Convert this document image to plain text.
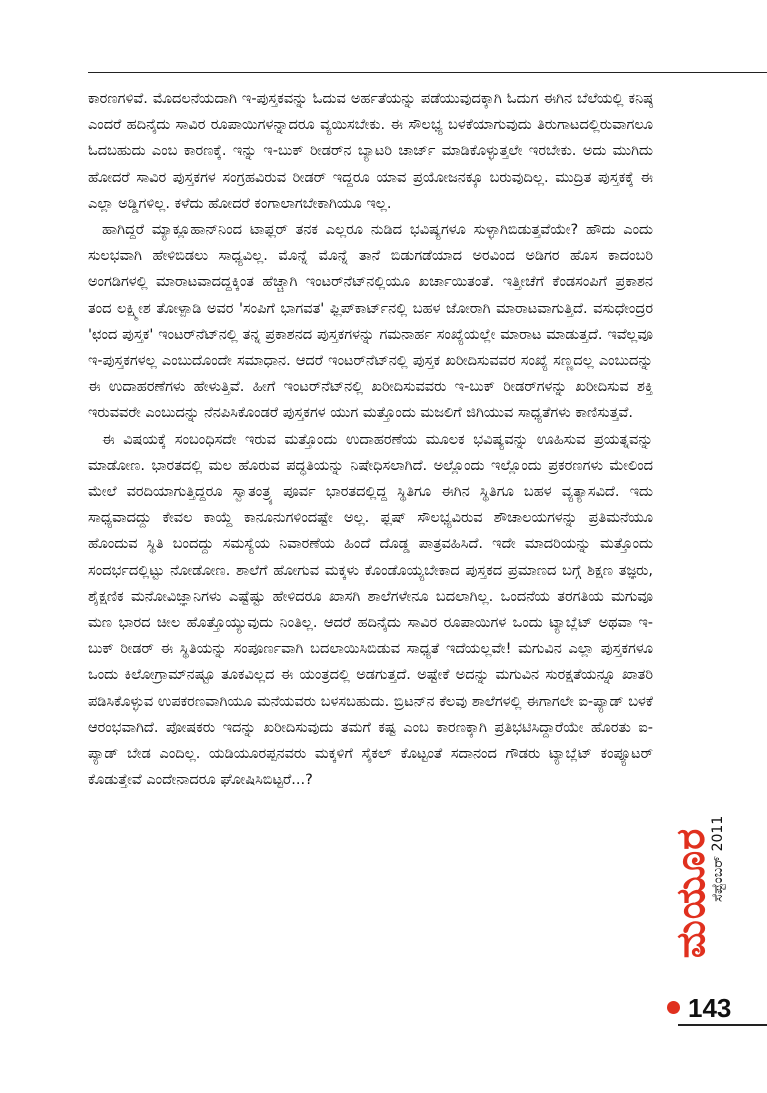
ಕಾರಣಗಳಿವೆ. ಮೊದಲನೆಯದಾಗಿ ಇ-ಪುಸ್ತಕವನ್ನು ಓದುವ ಅರ್ಹತೆಯನ್ನು ಪಡೆಯುವುದಕ್ಕಾಗಿ ಓದುಗ ಈಗಿನ ಬೆಲೆಯಲ್ಲಿ ಕನಿಷ್ಠ ಎಂದರೆ ಹದಿನೈದು ಸಾವಿರ ರೂಪಾಯಿಗಳನ್ನಾದರೂ ವ್ಯಯಿಸಬೇಕು. ಈ ಸೌಲಭ್ಯ ಬಳಕೆಯಾಗುವುದು ತಿರುಗಾಟದಲ್ಲಿರುವಾಗಲೂ ಓದಬಹುದು ಎಂಬ ಕಾರಣಕ್ಕೆ. ಇನ್ನು ಇ-ಬುಕ್ ರೀಡರ್‌ನ ಬ್ಯಾಟರಿ ಚಾರ್ಜ್ ಮಾಡಿಕೊಳ್ಳುತ್ತಲೇ ಇರಬೇಕು. ಅದು ಮುಗಿದು ಹೋದರೆ ಸಾವಿರ ಪುಸ್ತಕಗಳ ಸಂಗ್ರಹವಿರುವ ರೀಡರ್ ಇದ್ದರೂ ಯಾವ ಪ್ರಯೋಜನಕ್ಕೂ ಬರುವುದಿಲ್ಲ. ಮುದ್ರಿತ ಪುಸ್ತಕಕ್ಕೆ ಈ ಎಲ್ಲಾ ಅಡ್ಡಿಗಳಿಲ್ಲ. ಕಳೆದು ಹೋದರೆ ಕಂಗಾಲಾಗಬೇಕಾಗಿಯೂ ಇಲ್ಲ.

ಹಾಗಿದ್ದರೆ ಮ್ಯಾಕ್ಲೂಹಾನ್‌ನಿಂದ ಟಾಫ್ಲರ್ ತನಕ ಎಲ್ಲರೂ ನುಡಿದ ಭವಿಷ್ಯಗಳೂ ಸುಳ್ಳಾಗಿಬಿಡುತ್ತವೆಯೇ? ಹೌದು ಎಂದು ಸುಲಭವಾಗಿ ಹೇಳಿಬಿಡಲು ಸಾಧ್ಯವಿಲ್ಲ. ಮೊನ್ನೆ ಮೊನ್ನೆ ತಾನೆ ಬಿಡುಗಡೆಯಾದ ಅರವಿಂದ ಅಡಿಗರ ಹೊಸ ಕಾದಂಬರಿ ಅಂಗಡಿಗಳಲ್ಲಿ ಮಾರಾಟವಾದದ್ದಕ್ಕಿಂತ ಹೆಚ್ಚಾಗಿ ಇಂಟರ್‌ನೆಟ್‌ನಲ್ಲಿಯೂ ಖರ್ಚಾಯಿತಂತೆ. ಇತ್ತೀಚೆಗೆ ಕೆಂಡಸಂಪಿಗೆ ಪ್ರಕಾಶನ ತಂದ ಲಕ್ಷ್ಮೀಶ ತೋಳ್ಪಾಡಿ ಅವರ 'ಸಂಪಿಗೆ ಭಾಗವತ' ಫ್ಲಿಪ್‌ಕಾರ್ಟ್‌ನಲ್ಲಿ ಬಹಳ ಜೋರಾಗಿ ಮಾರಾಟವಾಗುತ್ತಿದೆ. ವಸುಧೇಂದ್ರರ 'ಛಂದ ಪುಸ್ತಕ' ಇಂಟರ್‌ನೆಟ್‌ನಲ್ಲಿ ತನ್ನ ಪ್ರಕಾಶನದ ಪುಸ್ತಕಗಳನ್ನು ಗಮನಾರ್ಹ ಸಂಖ್ಯೆಯಲ್ಲೇ ಮಾರಾಟ ಮಾಡುತ್ತದೆ. ಇವೆಲ್ಲವೂ ಇ-ಪುಸ್ತಕಗಳಲ್ಲ ಎಂಬುದೊಂದೇ ಸಮಾಧಾನ. ಆದರೆ ಇಂಟರ್‌ನೆಟ್‌ನಲ್ಲಿ ಪುಸ್ತಕ ಖರೀದಿಸುವವರ ಸಂಖ್ಯೆ ಸಣ್ಣದಲ್ಲ ಎಂಬುದನ್ನು ಈ ಉದಾಹರಣೆಗಳು ಹೇಳುತ್ತಿವೆ. ಹೀಗೆ ಇಂಟರ್‌ನೆಟ್‌ನಲ್ಲಿ ಖರೀದಿಸುವವರು ಇ-ಬುಕ್ ರೀಡರ್‌ಗಳನ್ನು ಖರೀದಿಸುವ ಶಕ್ತಿ ಇರುವವರೇ ಎಂಬುದನ್ನು ನೆನಪಿಸಿಕೊಂಡರೆ ಪುಸ್ತಕಗಳ ಯುಗ ಮತ್ತೊಂದು ಮಜಲಿಗೆ ಜಿಗಿಯುವ ಸಾಧ್ಯತೆಗಳು ಕಾಣಿಸುತ್ತವೆ.

ಈ ವಿಷಯಕ್ಕೆ ಸಂಬಂಧಿಸದೇ ಇರುವ ಮತ್ತೊಂದು ಉದಾಹರಣೆಯ ಮೂಲಕ ಭವಿಷ್ಯವನ್ನು ಊಹಿಸುವ ಪ್ರಯತ್ನವನ್ನು ಮಾಡೋಣ. ಭಾರತದಲ್ಲಿ ಮಲ ಹೊರುವ ಪದ್ಧತಿಯನ್ನು ನಿಷೇಧಿಸಲಾಗಿದೆ. ಅಲ್ಲೊಂದು ಇಲ್ಲೊಂದು ಪ್ರಕರಣಗಳು ಮೇಲಿಂದ ಮೇಲೆ ವರದಿಯಾಗುತ್ತಿದ್ದರೂ ಸ್ವಾತಂತ್ರ್ಯ ಪೂರ್ವ ಭಾರತದಲ್ಲಿದ್ದ ಸ್ಥಿತಿಗೂ ಈಗಿನ ಸ್ಥಿತಿಗೂ ಬಹಳ ವ್ಯತ್ಯಾಸವಿದೆ. ಇದು ಸಾಧ್ಯವಾದದ್ದು ಕೇವಲ ಕಾಯ್ದೆ ಕಾನೂನುಗಳಿಂದಷ್ಟೇ ಅಲ್ಲ. ಫ್ಲಷ್ ಸೌಲಭ್ಯವಿರುವ ಶೌಚಾಲಯಗಳನ್ನು ಪ್ರತಿಮನೆಯೂ ಹೊಂದುವ ಸ್ಥಿತಿ ಬಂದದ್ದು ಸಮಸ್ಯೆಯ ನಿವಾರಣೆಯ ಹಿಂದೆ ದೊಡ್ಡ ಪಾತ್ರವಹಿಸಿದೆ. ಇದೇ ಮಾದರಿಯನ್ನು ಮತ್ತೊಂದು ಸಂದರ್ಭದಲ್ಲಿಟ್ಟು ನೋಡೋಣ. ಶಾಲೆಗೆ ಹೋಗುವ ಮಕ್ಕಳು ಕೊಂಡೊಯ್ಯಬೇಕಾದ ಪುಸ್ತಕದ ಪ್ರಮಾಣದ ಬಗ್ಗೆ ಶಿಕ್ಷಣ ತಜ್ಞರು, ಶೈಕ್ಷಣಿಕ ಮನೋವಿಜ್ಞಾನಿಗಳು ಎಷ್ಟೆಷ್ಟು ಹೇಳಿದರೂ ಖಾಸಗಿ ಶಾಲೆಗಳೇನೂ ಬದಲಾಗಿಲ್ಲ. ಒಂದನೆಯ ತರಗತಿಯ ಮಗುವೂ ಮಣ ಭಾರದ ಚೀಲ ಹೊತ್ತೊಯ್ಯುವುದು ನಿಂತಿಲ್ಲ. ಆದರೆ ಹದಿನೈದು ಸಾವಿರ ರೂಪಾಯಿಗಳ ಒಂದು ಟ್ಯಾಬ್ಲೆಟ್ ಅಥವಾ ಇ-ಬುಕ್ ರೀಡರ್ ಈ ಸ್ಥಿತಿಯನ್ನು ಸಂಪೂರ್ಣವಾಗಿ ಬದಲಾಯಿಸಿಬಿಡುವ ಸಾಧ್ಯತೆ ಇದೆಯಲ್ಲವೇ! ಮಗುವಿನ ಎಲ್ಲಾ ಪುಸ್ತಕಗಳೂ ಒಂದು ಕಿಲೋಗ್ರಾಮ್‌ನಷ್ಟೂ ತೂಕವಿಲ್ಲದ ಈ ಯಂತ್ರದಲ್ಲಿ ಅಡಗುತ್ತದೆ. ಅಷ್ಟೇಕೆ ಅದನ್ನು ಮಗುವಿನ ಸುರಕ್ಷತೆಯನ್ನೂ ಖಾತರಿ ಪಡಿಸಿಕೊಳ್ಳುವ ಉಪಕರಣವಾಗಿಯೂ ಮನೆಯವರು ಬಳಸಬಹುದು. ಬ್ರಿಟನ್‌ನ ಕೆಲವು ಶಾಲೆಗಳಲ್ಲಿ ಈಗಾಗಲೇ ಐ-ಪ್ಯಾಡ್ ಬಳಕೆ ಆರಂಭವಾಗಿದೆ. ಪೋಷಕರು ಇದನ್ನು ಖರೀದಿಸುವುದು ತಮಗೆ ಕಷ್ಟ ಎಂಬ ಕಾರಣಕ್ಕಾಗಿ ಪ್ರತಿಭಟಿಸಿದ್ದಾರೆಯೇ ಹೊರತು ಐ-ಪ್ಯಾಡ್ ಬೇಡ ಎಂದಿಲ್ಲ. ಯಡಿಯೂರಪ್ಪನವರು ಮಕ್ಕಳಿಗೆ ಸೈಕಲ್ ಕೊಟ್ಟಂತೆ ಸದಾನಂದ ಗೌಡರು ಟ್ಯಾಬ್ಲೆಟ್ ಕಂಪ್ಯೂಟರ್ ಕೊಡುತ್ತೇವೆ ಎಂದೇನಾದರೂ ಘೋಷಿಸಿಬಿಟ್ಟರೆ...?

ಮಯೂರ
ಸೆಪ್ಟೆಂಬರ್ 2011
143
